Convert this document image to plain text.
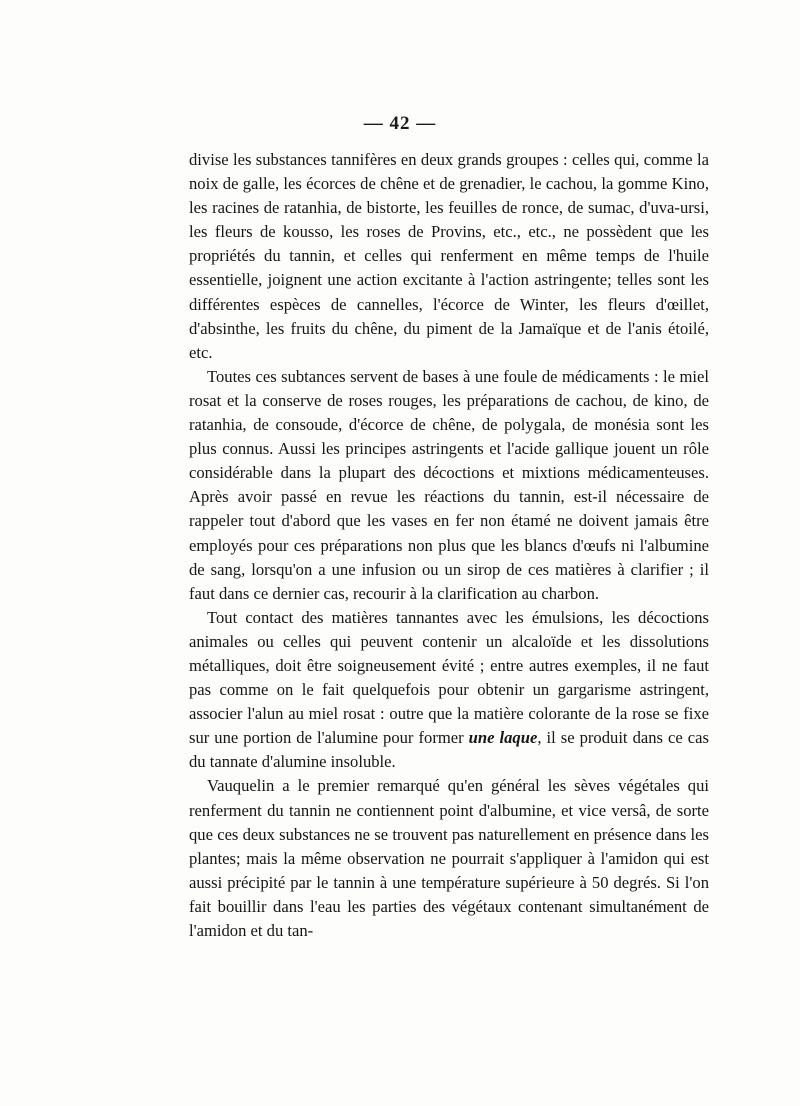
— 42 —

divise les substances tannifères en deux grands groupes : celles qui, comme la noix de galle, les écorces de chêne et de grenadier, le cachou, la gomme Kino, les racines de ratanhia, de bistorte, les feuilles de ronce, de sumac, d'uva-ursi, les fleurs de kousso, les roses de Provins, etc., etc., ne possèdent que les propriétés du tannin, et celles qui renferment en même temps de l'huile essentielle, joignent une action excitante à l'action astringente; telles sont les différentes espèces de cannelles, l'écorce de Winter, les fleurs d'œillet, d'absinthe, les fruits du chêne, du piment de la Jamaïque et de l'anis étoilé, etc.

Toutes ces subtances servent de bases à une foule de médicaments : le miel rosat et la conserve de roses rouges, les préparations de cachou, de kino, de ratanhia, de consoude, d'écorce de chêne, de polygala, de monésia sont les plus connus. Aussi les principes astringents et l'acide gallique jouent un rôle considérable dans la plupart des décoctions et mixtions médicamenteuses. Après avoir passé en revue les réactions du tannin, est-il nécessaire de rappeler tout d'abord que les vases en fer non étamé ne doivent jamais être employés pour ces préparations non plus que les blancs d'œufs ni l'albumine de sang, lorsqu'on a une infusion ou un sirop de ces matières à clarifier ; il faut dans ce dernier cas, recourir à la clarification au charbon.

Tout contact des matières tannantes avec les émulsions, les décoctions animales ou celles qui peuvent contenir un alcaloïde et les dissolutions métalliques, doit être soigneusement évité ; entre autres exemples, il ne faut pas comme on le fait quelquefois pour obtenir un gargarisme astringent, associer l'alun au miel rosat : outre que la matière colorante de la rose se fixe sur une portion de l'alumine pour former une laque, il se produit dans ce cas du tannate d'alumine insoluble.

Vauquelin a le premier remarqué qu'en général les sèves végétales qui renferment du tannin ne contiennent point d'albumine, et vice versâ, de sorte que ces deux substances ne se trouvent pas naturellement en présence dans les plantes; mais la même observation ne pourrait s'appliquer à l'amidon qui est aussi précipité par le tannin à une température supérieure à 50 degrés. Si l'on fait bouillir dans l'eau les parties des végétaux contenant simultanément de l'amidon et du tan-
